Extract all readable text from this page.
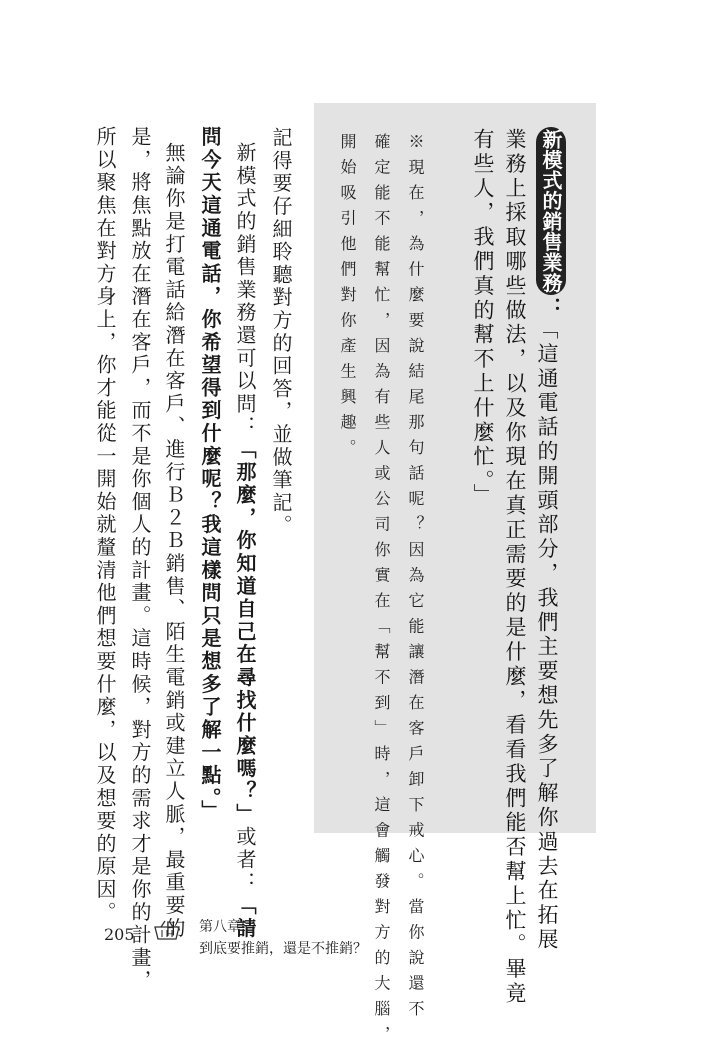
新模式的銷售業務
：
「這通電話的開頭部分，我們主要想先多了解你過去在拓展
業務上採取哪些做法，以及你現在真正需要的是什麼，看看我們能否幫上忙。畢竟
有些人，我們真的幫不上什麼忙。」
※現在，為什麼要說結尾那句話呢？因為它能讓潛在客戶卸下戒心。當你說還不
確定能不能幫忙，因為有些人或公司你實在「幫不到」時，這會觸發對方的大腦，
開始吸引他們對你產生興趣。
記得要仔細聆聽對方的回答，並做筆記。
新模式的銷售業務還可以問：「那麼，你知道自己在尋找什麼嗎？」或者：「請
問今天這通電話，你希望得到什麼呢？我這樣問只是想多了解一點。」
無論你是打電話給潛在客戶、進行Ｂ２Ｂ銷售、陌生電銷或建立人脈，最重要的
是，將焦點放在潛在客戶，而不是你個人的計畫。這時候，對方的需求才是你的計畫，
所以聚焦在對方身上，你才能從一開始就釐清他們想要什麼，以及想要的原因。
205	第八章
到底要推銷，還是不推銷？
